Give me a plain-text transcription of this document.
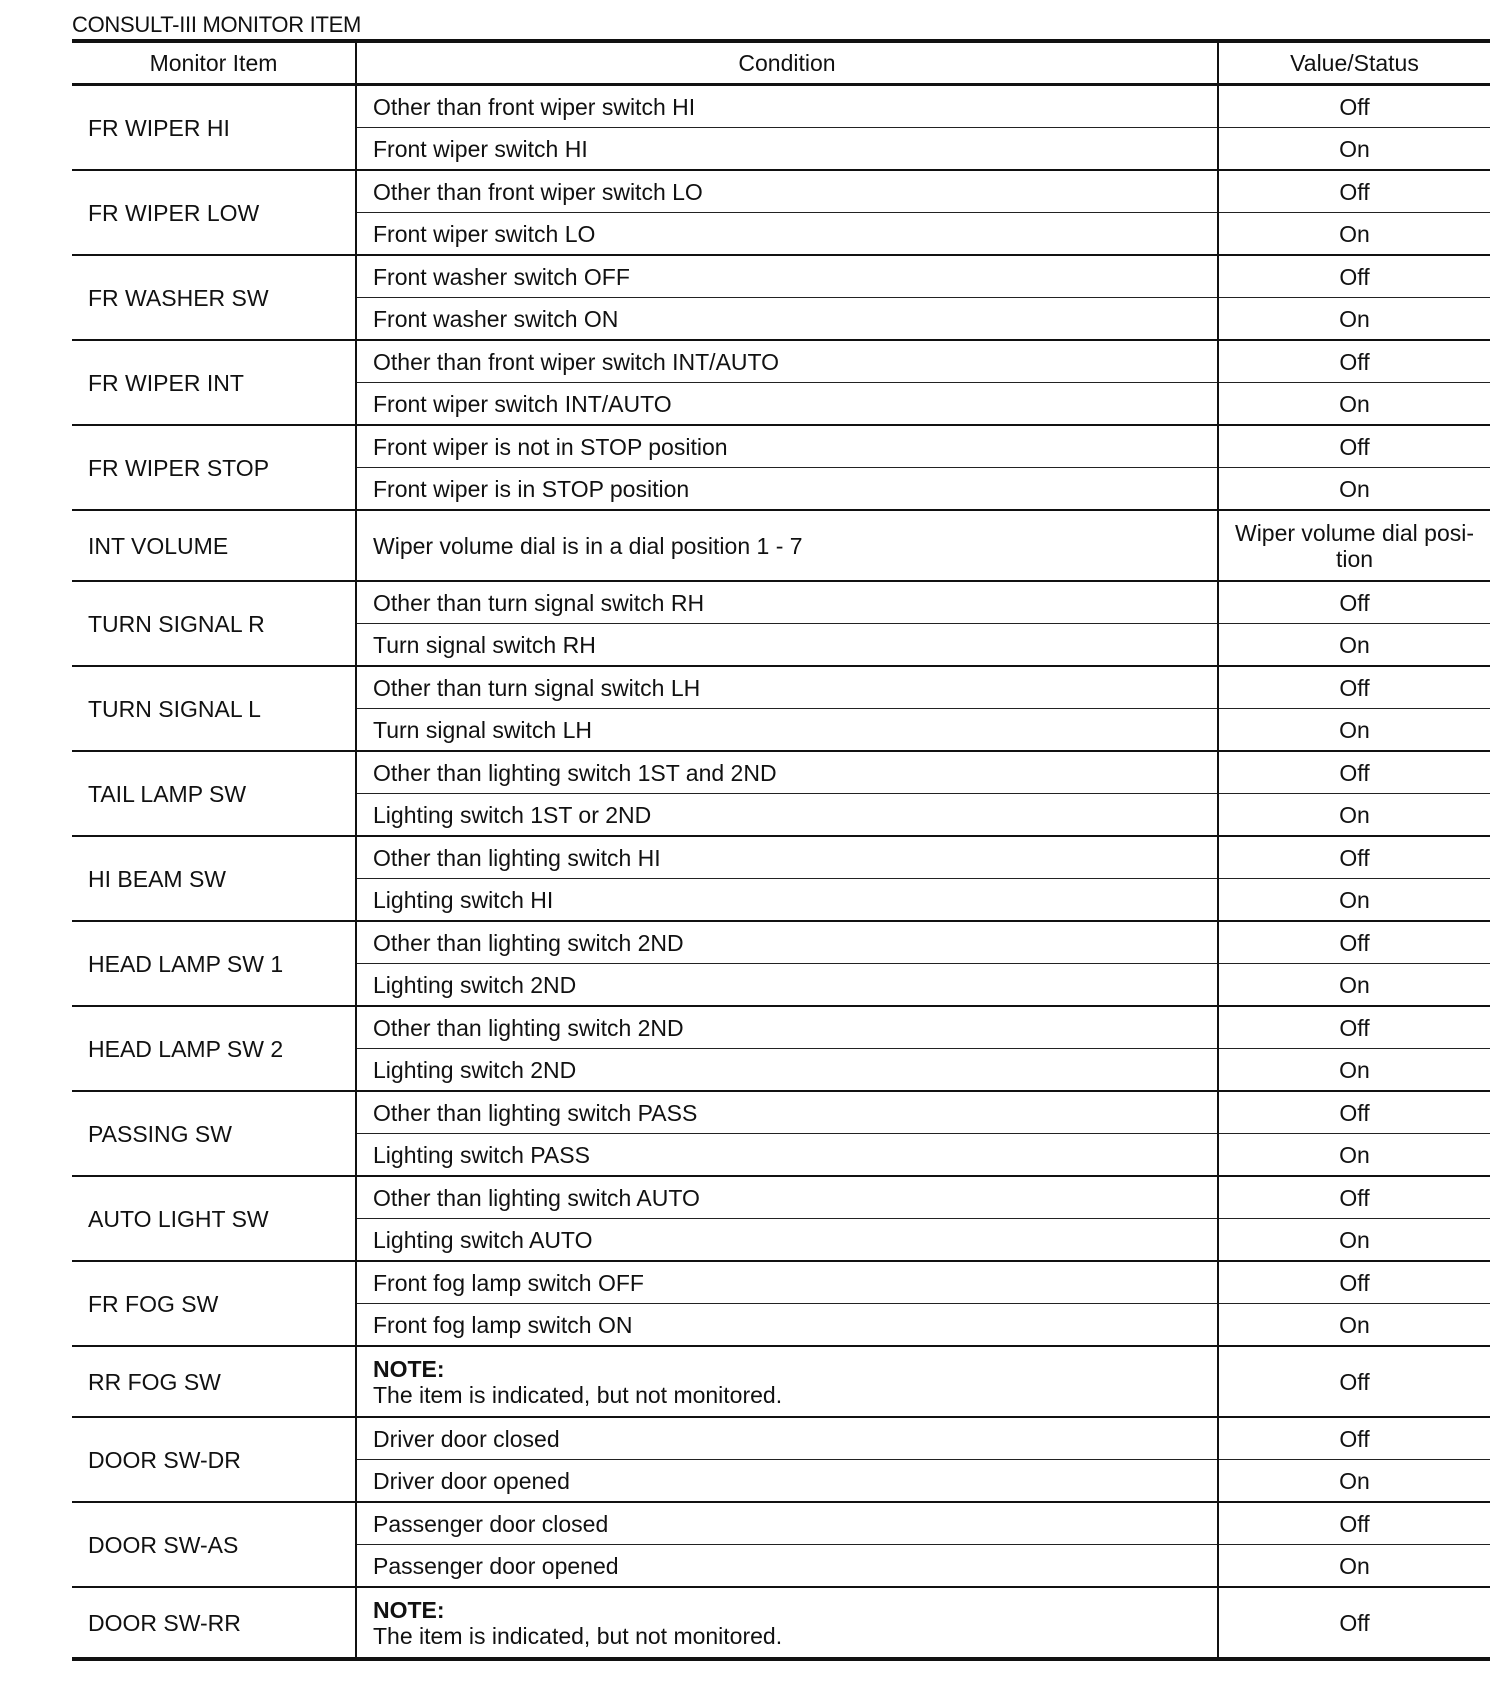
CONSULT-III MONITOR ITEM
Monitor Item	Condition	Value/Status
FR WIPER HI	Other than front wiper switch HI	Off
	Front wiper switch HI	On
FR WIPER LOW	Other than front wiper switch LO	Off
	Front wiper switch LO	On
FR WASHER SW	Front washer switch OFF	Off
	Front washer switch ON	On
FR WIPER INT	Other than front wiper switch INT/AUTO	Off
	Front wiper switch INT/AUTO	On
FR WIPER STOP	Front wiper is not in STOP position	Off
	Front wiper is in STOP position	On
INT VOLUME	Wiper volume dial is in a dial position 1 - 7	Wiper volume dial posi-
tion
TURN SIGNAL R	Other than turn signal switch RH	Off
	Turn signal switch RH	On
TURN SIGNAL L	Other than turn signal switch LH	Off
	Turn signal switch LH	On
TAIL LAMP SW	Other than lighting switch 1ST and 2ND	Off
	Lighting switch 1ST or 2ND	On
HI BEAM SW	Other than lighting switch HI	Off
	Lighting switch HI	On
HEAD LAMP SW 1	Other than lighting switch 2ND	Off
	Lighting switch 2ND	On
HEAD LAMP SW 2	Other than lighting switch 2ND	Off
	Lighting switch 2ND	On
PASSING SW	Other than lighting switch PASS	Off
	Lighting switch PASS	On
AUTO LIGHT SW	Other than lighting switch AUTO	Off
	Lighting switch AUTO	On
FR FOG SW	Front fog lamp switch OFF	Off
	Front fog lamp switch ON	On
RR FOG SW	NOTE:
The item is indicated, but not monitored.	Off
DOOR SW-DR	Driver door closed	Off
	Driver door opened	On
DOOR SW-AS	Passenger door closed	Off
	Passenger door opened	On
DOOR SW-RR	NOTE:
The item is indicated, but not monitored.	Off
